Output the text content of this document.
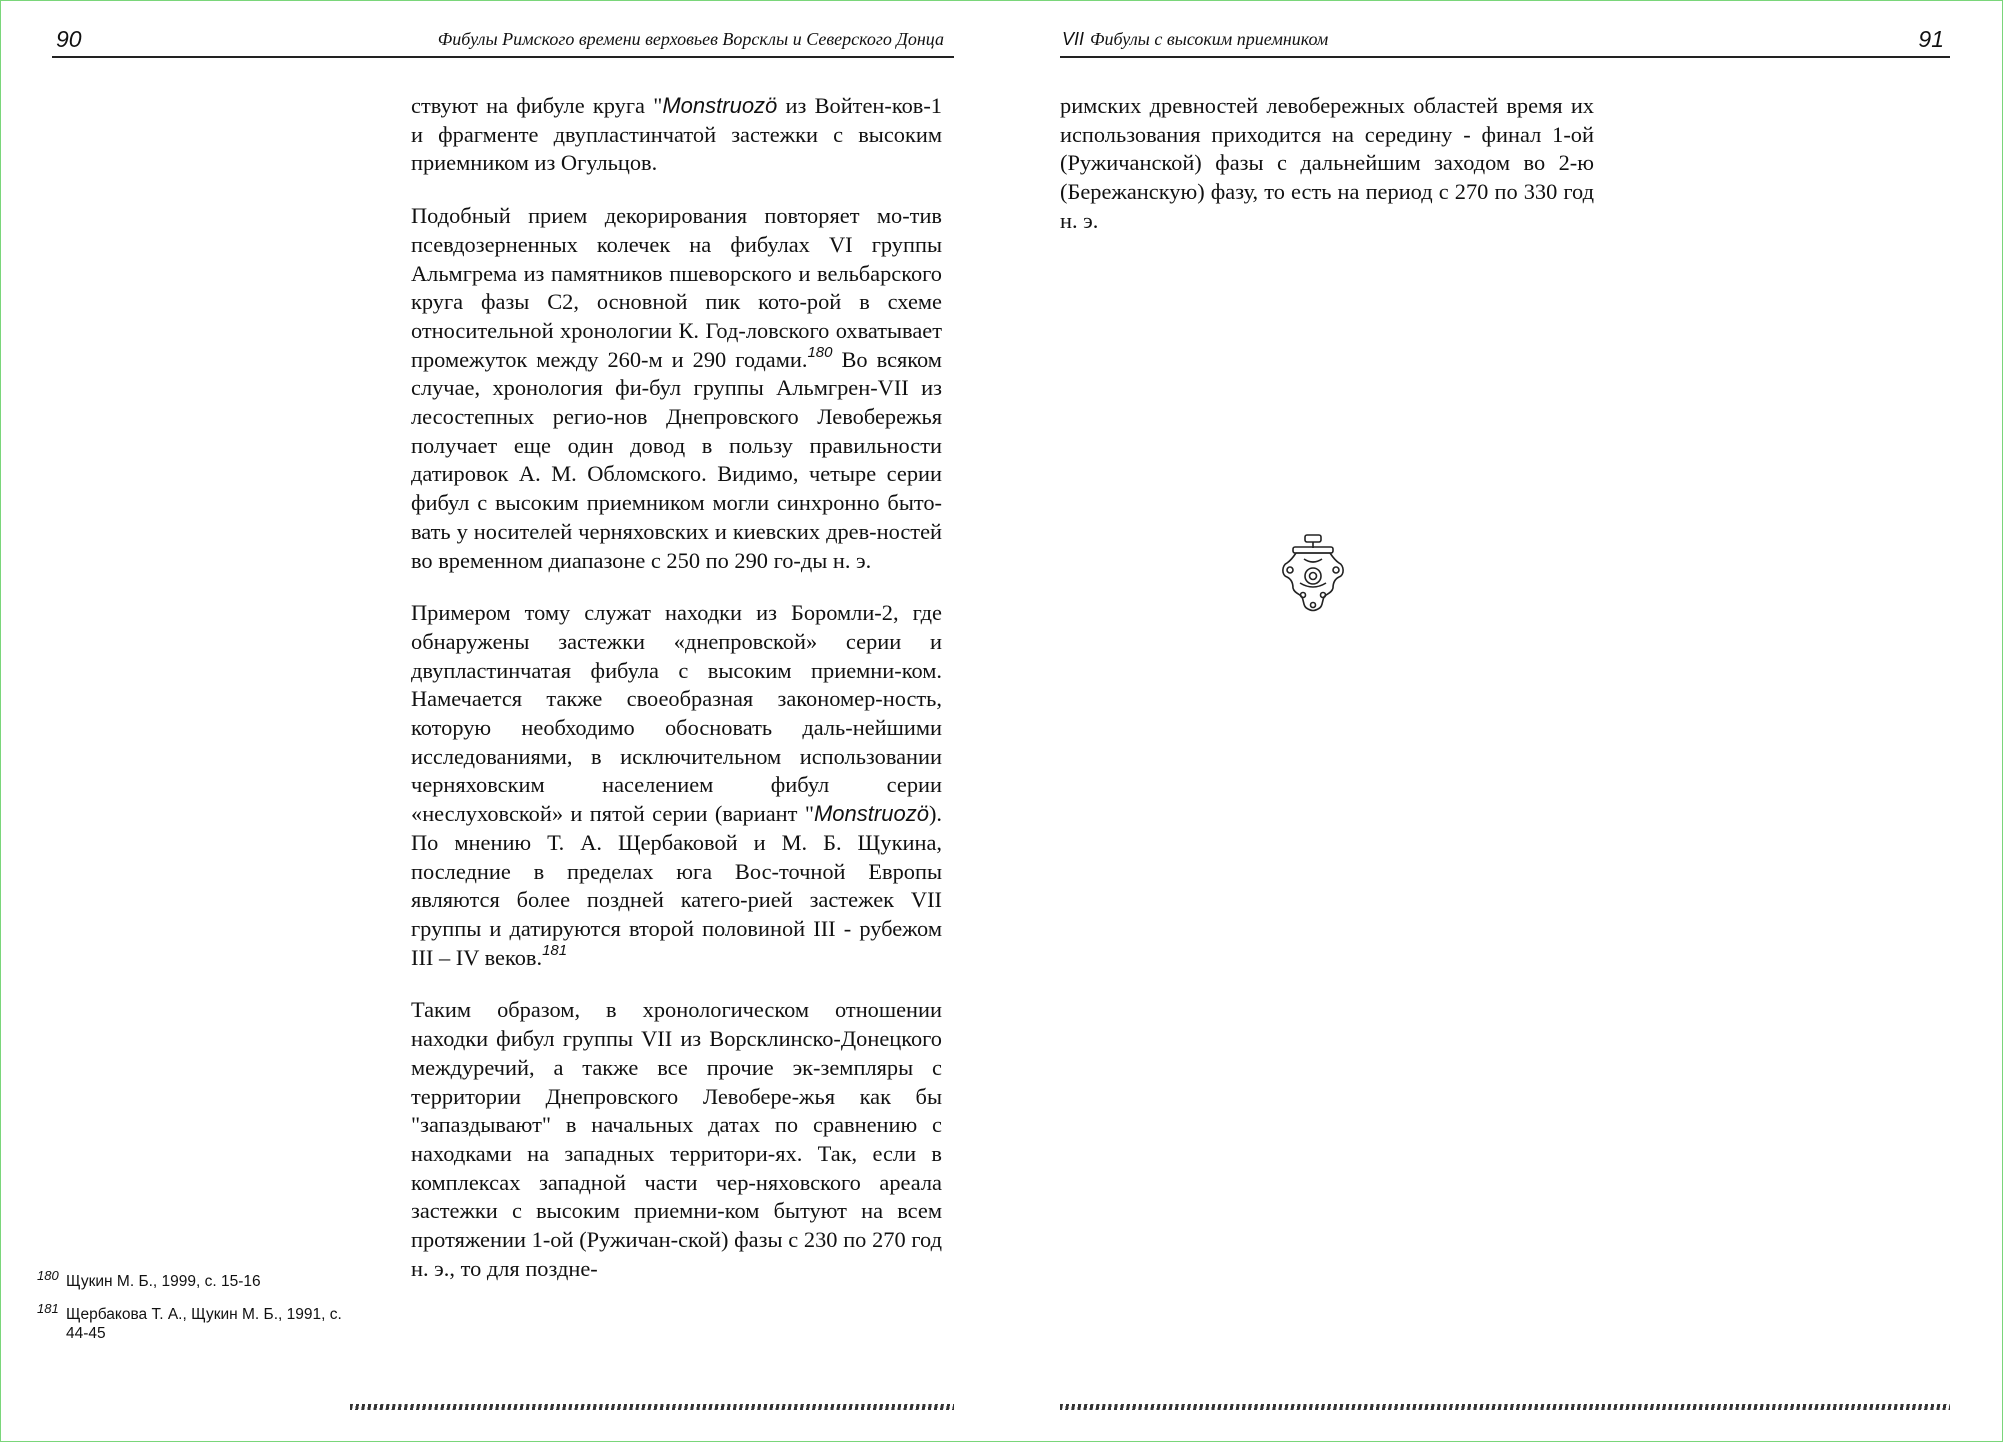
90	Фибулы Римского времени верховьев Ворсклы и Северского Донца

ствуют на фибуле круга "Monstruozö из Войтен-ков-1 и фрагменте двупластинчатой застежки с высоким приемником из Огульцов.

Подобный прием декорирования повторяет мо-тив псевдозерненных колечек на фибулах VI группы Альмгрема из памятников пшеворского и вельбарского круга фазы С2, основной пик кото-рой в схеме относительной хронологии К. Год-ловского охватывает промежуток между 260-м и 290 годами.$^{180}$ Во всяком случае, хронология фи-бул группы Альмгрен-VII из лесостепных регио-нов Днепровского Левобережья получает еще один довод в пользу правильности датировок А. М. Обломского. Видимо, четыре серии фибул с высоким приемником могли синхронно быто-вать у носителей черняховских и киевских древ-ностей во временном диапазоне с 250 по 290 го-ды н. э.

Примером тому служат находки из Боромли-2, где обнаружены застежки «днепровской» серии и двупластинчатая фибула с высоким приемни-ком. Намечается также своеобразная закономер-ность, которую необходимо обосновать даль-нейшими исследованиями, в исключительном использовании черняховским населением фибул серии «неслуховской» и пятой серии (вариант "Monstruozö). По мнению Т. А. Щербаковой и М. Б. Щукина, последние в пределах юга Вос-точной Европы являются более поздней катего-рией застежек VII группы и датируются второй половиной III - рубежом III – IV веков.$^{181}$

Таким образом, в хронологическом отношении находки фибул группы VII из Ворсклинско-Донецкого междуречий, а также все прочие эк-земпляры с территории Днепровского Левобере-жья как бы "запаздывают" в начальных датах по сравнению с находками на западных территори-ях. Так, если в комплексах западной части чер-няховского ареала застежки с высоким приемни-ком бытуют на всем протяжении 1-ой (Ружичан-ской) фазы с 230 по 270 год н. э., то для поздне-

180 Щукин М. Б., 1999, с. 15-16
181 Щербакова Т. А., Щукин М. Б., 1991, с. 44-45
VII Фибулы с высоким приемником	91

римских древностей левобережных областей время их использования приходится на середину - финал 1-ой (Ружичанской) фазы с дальнейшим заходом во 2-ю (Бережанскую) фазу, то есть на период с 270 по 330 год н. э.
